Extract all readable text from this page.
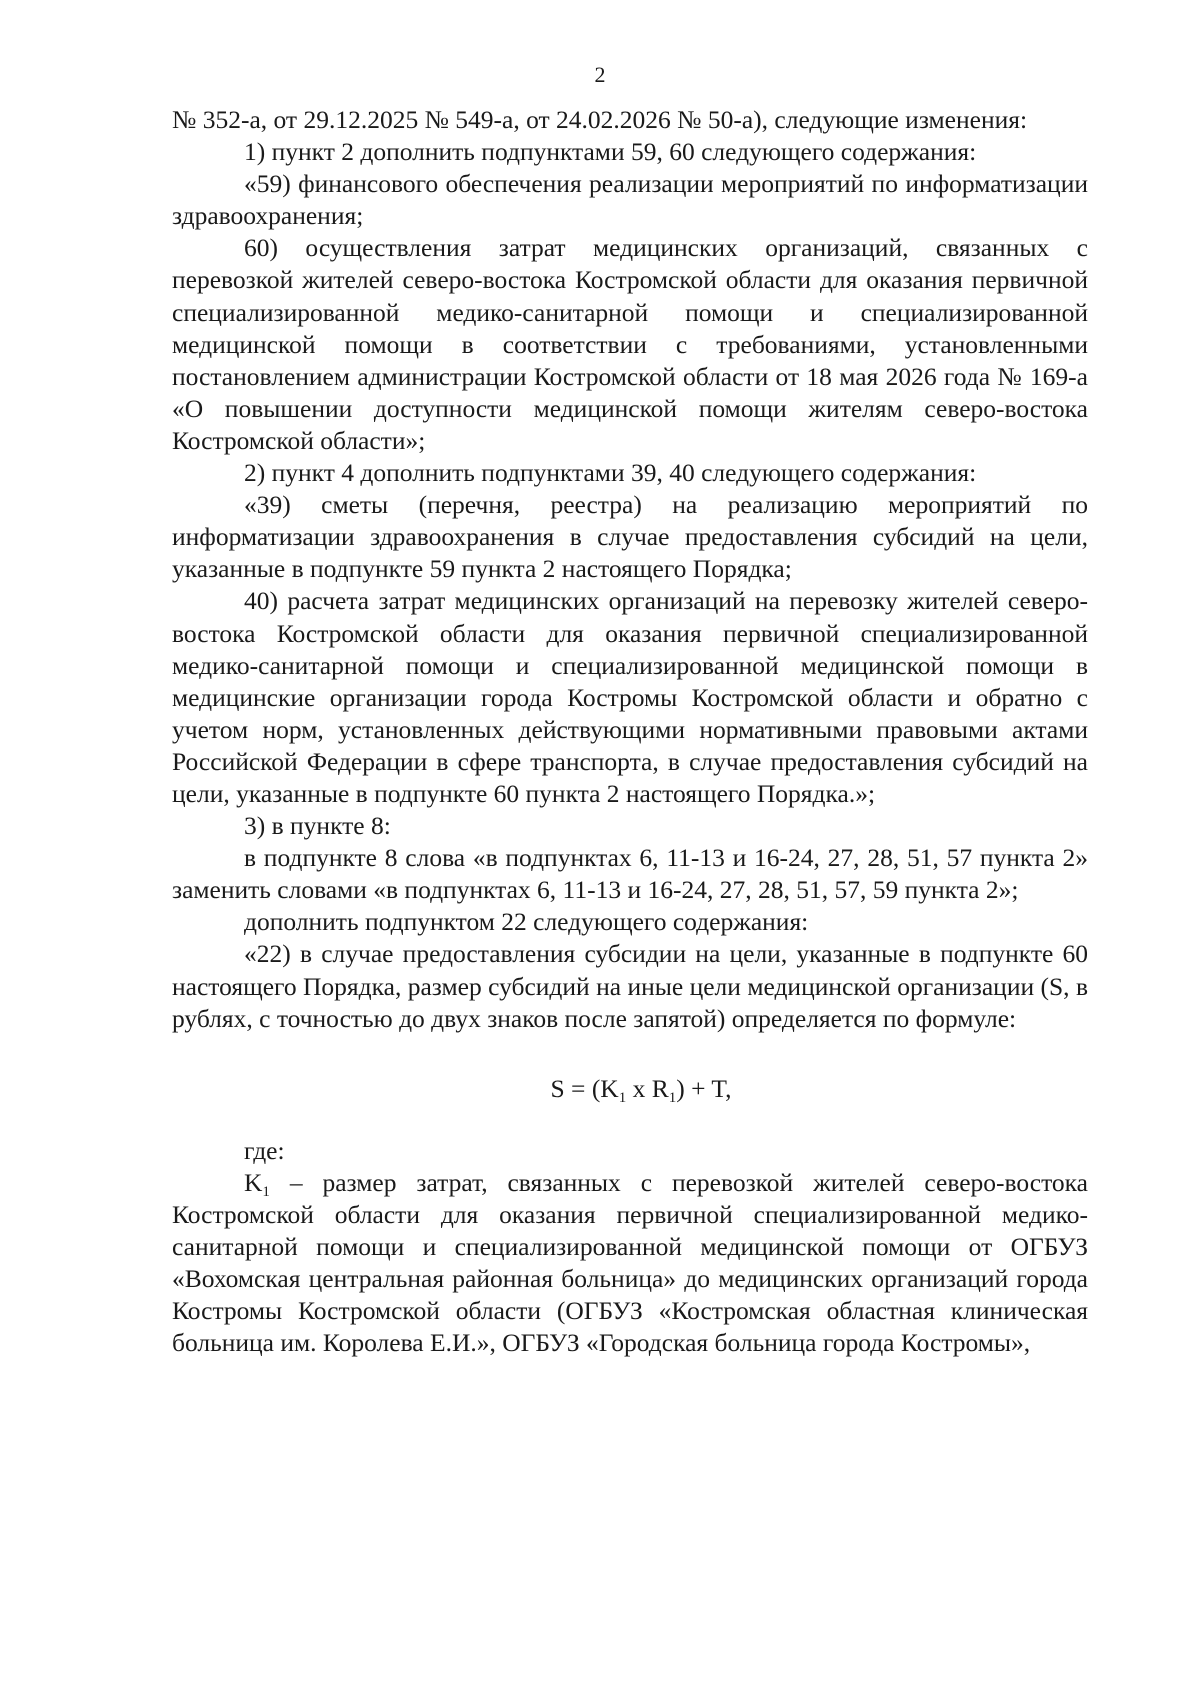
2

№ 352-а, от 29.12.2025 № 549-а, от 24.02.2026 № 50-а), следующие изменения:

1) пункт 2 дополнить подпунктами 59, 60 следующего содержания:

«59) финансового обеспечения реализации мероприятий по информатизации здравоохранения;

60) осуществления затрат медицинских организаций, связанных с перевозкой жителей северо-востока Костромской области для оказания первичной специализированной медико-санитарной помощи и специализированной медицинской помощи в соответствии с требованиями, установленными постановлением администрации Костромской области от 18 мая 2026 года № 169-а «О повышении доступности медицинской помощи жителям северо-востока Костромской области»;

2) пункт 4 дополнить подпунктами 39, 40 следующего содержания:

«39) сметы (перечня, реестра) на реализацию мероприятий по информатизации здравоохранения в случае предоставления субсидий на цели, указанные в подпункте 59 пункта 2 настоящего Порядка;

40) расчета затрат медицинских организаций на перевозку жителей северо-востока Костромской области для оказания первичной специализированной медико-санитарной помощи и специализированной медицинской помощи в медицинские организации города Костромы Костромской области и обратно с учетом норм, установленных действующими нормативными правовыми актами Российской Федерации в сфере транспорта, в случае предоставления субсидий на цели, указанные в подпункте 60 пункта 2 настоящего Порядка.»;

3) в пункте 8:

в подпункте 8 слова «в подпунктах 6, 11-13 и 16-24, 27, 28, 51, 57 пункта 2» заменить словами «в подпунктах 6, 11-13 и 16-24, 27, 28, 51, 57, 59 пункта 2»;

дополнить подпунктом 22 следующего содержания:

«22) в случае предоставления субсидии на цели, указанные в подпункте 60 настоящего Порядка, размер субсидий на иные цели медицинской организации (S, в рублях, с точностью до двух знаков после запятой) определяется по формуле:

$S = (K_1$ x $R_1) + T$,

где:

K1 – размер затрат, связанных с перевозкой жителей северо-востока Костромской области для оказания первичной специализированной медико-санитарной помощи и специализированной медицинской помощи от ОГБУЗ «Вохомская центральная районная больница» до медицинских организаций города Костромы Костромской области (ОГБУЗ «Костромская областная клиническая больница им. Королева Е.И.», ОГБУЗ «Городская больница города Костромы»,
